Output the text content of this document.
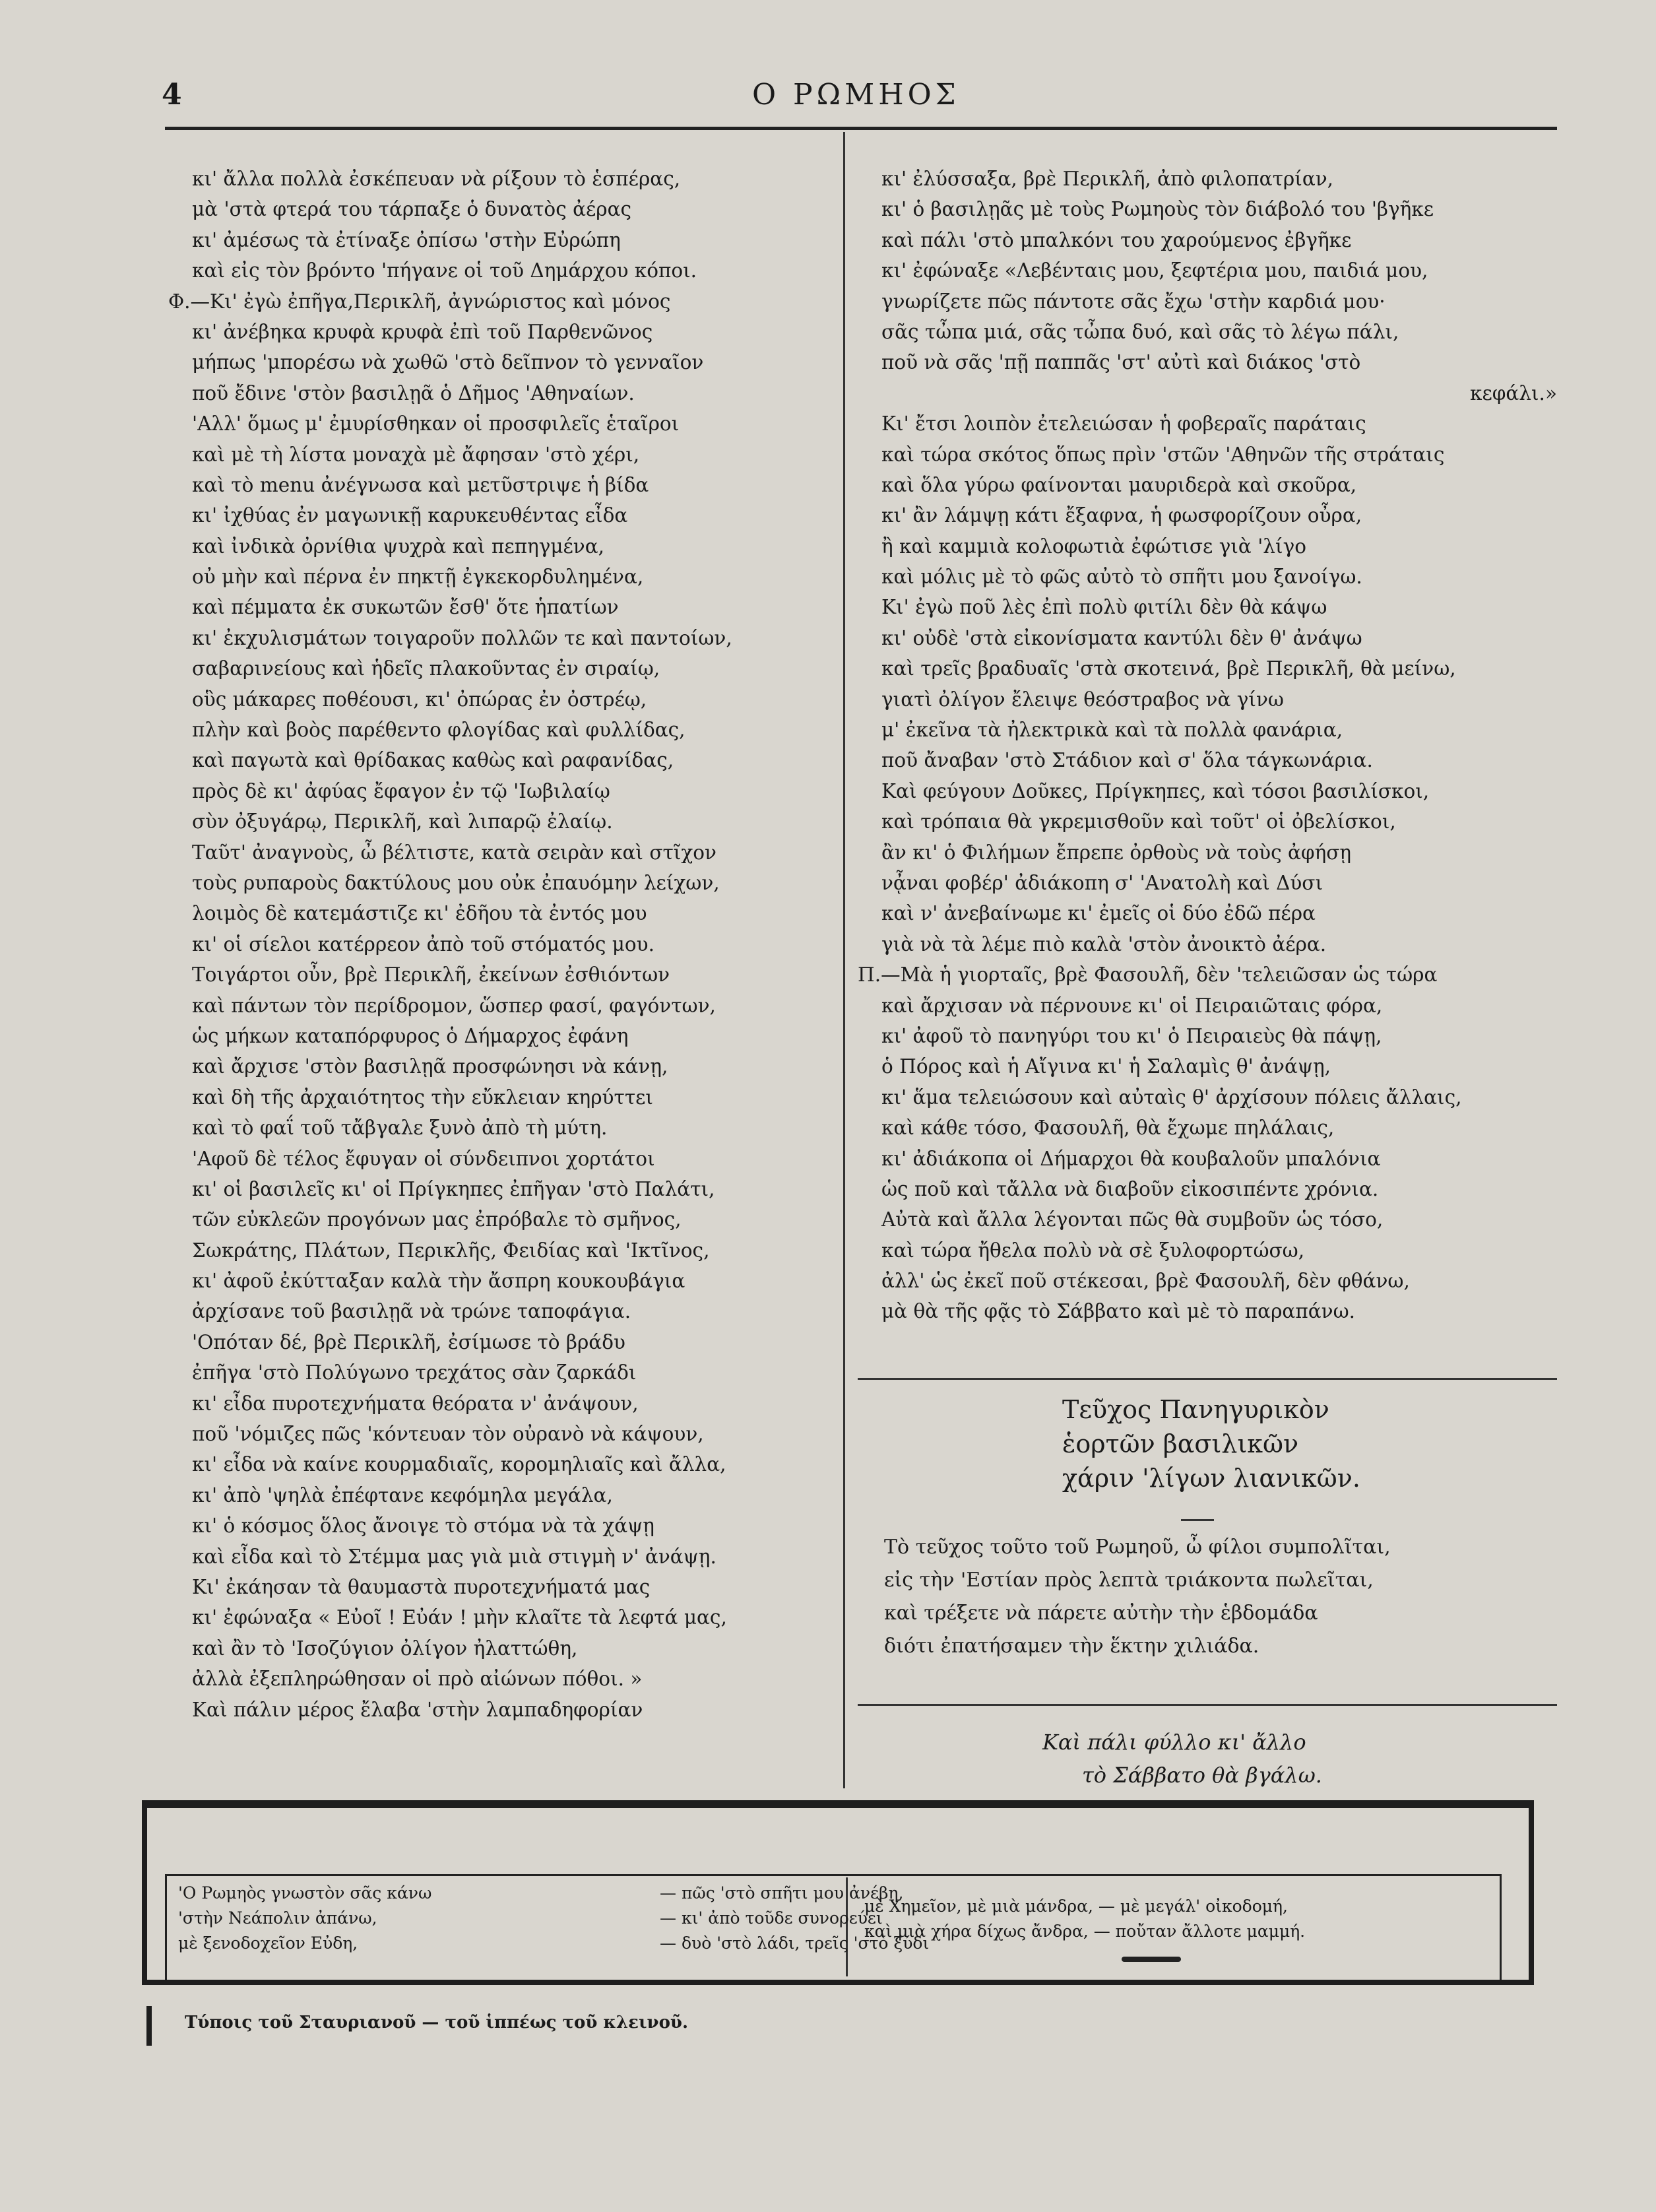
4	Ο ΡΩΜΗΟΣ
κι' ἄλλα πολλὰ ἐσκέπευαν νὰ ρίξουν τὸ ἑσπέρας,
μὰ 'στὰ φτερά του τάρπαξε ὁ δυνατὸς ἀέρας
κι' ἀμέσως τὰ ἐτίναξε ὀπίσω 'στὴν Εὐρώπη
καὶ εἰς τὸν βρόντο 'πήγανε οἱ τοῦ Δημάρχου κόποι.
Φ.—Κι' ἐγὼ ἐπῆγα,Περικλῆ, ἀγνώριστος καὶ μόνος
κι' ἀνέβηκα κρυφὰ κρυφὰ ἐπὶ τοῦ Παρθενῶνος
μήπως 'μπορέσω νὰ χωθῶ 'στὸ δεῖπνον τὸ γενναῖον
ποῦ ἔδινε 'στὸν βασιλῃᾶ ὁ Δῆμος 'Αθηναίων.
'Αλλ' ὅμως μ' ἐμυρίσθηκαν οἱ προσφιλεῖς ἑταῖροι
καὶ μὲ τὴ λίστα μοναχὰ μὲ ἄφησαν 'στὸ χέρι,
καὶ τὸ menu ἀνέγνωσα καὶ μετῦστριψε ἡ βίδα
κι' ἰχθύας ἐν μαγωνικῇ καρυκευθέντας εἶδα
καὶ ἰνδικὰ ὀρνίθια ψυχρὰ καὶ πεπηγμένα,
οὐ μὴν καὶ πέρνα ἐν πηκτῇ ἐγκεκορδυλημένα,
καὶ πέμματα ἐκ συκωτῶν ἔσθ' ὅτε ἡπατίων
κι' ἐκχυλισμάτων τοιγαροῦν πολλῶν τε καὶ παντοίων,
σαβαρινείους καὶ ἡδεῖς πλακοῦντας ἐν σιραίῳ,
οὓς μάκαρες ποθέουσι, κι' ὀπώρας ἐν ὀστρέῳ,
πλὴν καὶ βοὸς παρέθεντο φλογίδας καὶ φυλλίδας,
καὶ παγωτὰ καὶ θρίδακας καθὼς καὶ ραφανίδας,
πρὸς δὲ κι' ἀφύας ἔφαγον ἐν τῷ 'Ιωβιλαίῳ
σὺν ὀξυγάρῳ, Περικλῆ, καὶ λιπαρῷ ἐλαίῳ.
Ταῦτ' ἀναγνοὺς, ὦ βέλτιστε, κατὰ σειρὰν καὶ στῖχον
τοὺς ρυπαροὺς δακτύλους μου οὐκ ἐπαυόμην λείχων,
λοιμὸς δὲ κατεμάστιζε κι' ἐδῆου τὰ ἐντός μου
κι' οἱ σίελοι κατέρρεον ἀπὸ τοῦ στόματός μου.
Τοιγάρτοι οὖν, βρὲ Περικλῆ, ἐκείνων ἐσθιόντων
καὶ πάντων τὸν περίδρομον, ὥσπερ φασί, φαγόντων,
ὡς μήκων καταπόρφυρος ὁ Δήμαρχος ἐφάνη
καὶ ἄρχισε 'στὸν βασιλῃᾶ προσφώνησι νὰ κάνῃ,
καὶ δὴ τῆς ἀρχαιότητος τὴν εὔκλειαν κηρύττει
καὶ τὸ φαΐ τοῦ τἄβγαλε ξυνὸ ἀπὸ τὴ μύτη.
'Αφοῦ δὲ τέλος ἔφυγαν οἱ σύνδειπνοι χορτάτοι
κι' οἱ βασιλεῖς κι' οἱ Πρίγκηπες ἐπῆγαν 'στὸ Παλάτι,
τῶν εὐκλεῶν προγόνων μας ἐπρόβαλε τὸ σμῆνος,
Σωκράτης, Πλάτων, Περικλῆς, Φειδίας καὶ 'Ικτῖνος,
κι' ἀφοῦ ἐκύτταξαν καλὰ τὴν ἄσπρη κουκουβάγια
ἀρχίσανε τοῦ βασιλῃᾶ νὰ τρώνε ταποφάγια.
'Οπόταν δέ, βρὲ Περικλῆ, ἐσίμωσε τὸ βράδυ
ἐπῆγα 'στὸ Πολύγωνο τρεχάτος σὰν ζαρκάδι
κι' εἶδα πυροτεχνήματα θεόρατα ν' ἀνάψουν,
ποῦ 'νόμιζες πῶς 'κόντευαν τὸν οὐρανὸ νὰ κάψουν,
κι' εἶδα νὰ καίνε κουρμαδιαῖς, κορομηλιαῖς καὶ ἄλλα,
κι' ἀπὸ 'ψηλὰ ἐπέφτανε κεφόμηλα μεγάλα,
κι' ὁ κόσμος ὅλος ἄνοιγε τὸ στόμα νὰ τὰ χάψῃ
καὶ εἶδα καὶ τὸ Στέμμα μας γιὰ μιὰ στιγμὴ ν' ἀνάψῃ.
Κι' ἐκάησαν τὰ θαυμαστὰ πυροτεχνήματά μας
κι' ἐφώναξα « Εὐοῖ ! Εὐάν ! μὴν κλαῖτε τὰ λεφτά μας,
καὶ ἂν τὸ 'Ισοζύγιον ὀλίγον ἠλαττώθη,
ἀλλὰ ἐξεπληρώθησαν οἱ πρὸ αἰώνων πόθοι. »
Καὶ πάλιν μέρος ἔλαβα 'στὴν λαμπαδηφορίαν
κι' ἐλύσσαξα, βρὲ Περικλῆ, ἀπὸ φιλοπατρίαν,
κι' ὁ βασιλῃᾶς μὲ τοὺς Ρωμηοὺς τὸν διάβολό του 'βγῆκε
καὶ πάλι 'στὸ μπαλκόνι του χαρούμενος ἐβγῆκε
κι' ἐφώναξε «Λεβένταις μου, ξεφτέρια μου, παιδιά μου,
γνωρίζετε πῶς πάντοτε σᾶς ἔχω 'στὴν καρδιά μου·
σᾶς τὦπα μιά, σᾶς τὦπα δυό, καὶ σᾶς τὸ λέγω πάλι,
ποῦ νὰ σᾶς 'πῇ παππᾶς 'στ' αὐτὶ καὶ διάκος 'στὸ
κεφάλι.»
Κι' ἔτσι λοιπὸν ἐτελειώσαν ἡ φοβεραῖς παράταις
καὶ τώρα σκότος ὅπως πρὶν 'στῶν 'Αθηνῶν τῆς στράταις
καὶ ὅλα γύρω φαίνονται μαυριδερὰ καὶ σκοῦρα,
κι' ἂν λάμψῃ κάτι ἔξαφνα, ἡ φωσφορίζουν οὖρα,
ἢ καὶ καμμιὰ κολοφωτιὰ ἐφώτισε γιὰ 'λίγο
καὶ μόλις μὲ τὸ φῶς αὐτὸ τὸ σπῆτι μου ξανοίγω.
Κι' ἐγὼ ποῦ λὲς ἐπὶ πολὺ φιτίλι δὲν θὰ κάψω
κι' οὐδὲ 'στὰ εἰκονίσματα καντύλι δὲν θ' ἀνάψω
καὶ τρεῖς βραδυαῖς 'στὰ σκοτεινά, βρὲ Περικλῆ, θὰ μείνω,
γιατὶ ὀλίγον ἔλειψε θεόστραβος νὰ γίνω
μ' ἐκεῖνα τὰ ἠλεκτρικὰ καὶ τὰ πολλὰ φανάρια,
ποῦ ἄναβαν 'στὸ Στάδιον καὶ σ' ὅλα τάγκωνάρια.
Καὶ φεύγουν Δοῦκες, Πρίγκηπες, καὶ τόσοι βασιλίσκοι,
καὶ τρόπαια θὰ γκρεμισθοῦν καὶ τοῦτ' οἱ ὀβελίσκοι,
ἂν κι' ὁ Φιλήμων ἔπρεπε ὀρθοὺς νὰ τοὺς ἀφήσῃ
νᾆναι φοβέρ' ἀδιάκοπη σ' 'Ανατολὴ καὶ Δύσι
καὶ ν' ἀνεβαίνωμε κι' ἐμεῖς οἱ δύο ἐδῶ πέρα
γιὰ νὰ τὰ λέμε πιὸ καλὰ 'στὸν ἀνοικτὸ ἀέρα.
Π.—Μὰ ἡ γιορταῖς, βρὲ Φασουλῆ, δὲν 'τελειῶσαν ὡς τώρα
καὶ ἄρχισαν νὰ πέρνουνε κι' οἱ Πειραιῶταις φόρα,
κι' ἀφοῦ τὸ πανηγύρι του κι' ὁ Πειραιεὺς θὰ πάψῃ,
ὁ Πόρος καὶ ἡ Αἴγινα κι' ἡ Σαλαμὶς θ' ἀνάψῃ,
κι' ἅμα τελειώσουν καὶ αὐταὶς θ' ἀρχίσουν πόλεις ἄλλαις,
καὶ κάθε τόσο, Φασουλῆ, θὰ ἔχωμε πηλάλαις,
κι' ἀδιάκοπα οἱ Δήμαρχοι θὰ κουβαλοῦν μπαλόνια
ὡς ποῦ καὶ τἄλλα νὰ διαβοῦν εἰκοσιπέντε χρόνια.
Αὐτὰ καὶ ἄλλα λέγονται πῶς θὰ συμβοῦν ὡς τόσο,
καὶ τώρα ἤθελα πολὺ νὰ σὲ ξυλοφορτώσω,
ἀλλ' ὡς ἐκεῖ ποῦ στέκεσαι, βρὲ Φασουλῆ, δὲν φθάνω,
μὰ θὰ τῆς φᾷς τὸ Σάββατο καὶ μὲ τὸ παραπάνω.
Τεῦχος Πανηγυρικὸν
ἑορτῶν βασιλικῶν
χάριν 'λίγων λιανικῶν.
Τὸ τεῦχος τοῦτο τοῦ Ρωμηοῦ, ὦ φίλοι συμπολῖται,
εἰς τὴν 'Εστίαν πρὸς λεπτὰ τριάκοντα πωλεῖται,
καὶ τρέξετε νὰ πάρετε αὐτὴν τὴν ἑβδομάδα
διότι ἐπατήσαμεν τὴν ἕκτην χιλιάδα.
Καὶ πάλι φύλλο κι' ἄλλο
τὸ Σάββατο θὰ βγάλω.
'Ο Ρωμηὸς γνωστὸν σᾶς κάνω
'στὴν Νεάπολιν ἀπάνω,
μὲ ξενοδοχεῖον Εὐδη,
— πῶς 'στὸ σπῆτι μου ἀνέβη,
— κι' ἀπὸ τοῦδε συνορεύει
— δυὸ 'στὸ λάδι, τρεῖς 'στὸ ξύδι
μὲ Χημεῖον, μὲ μιὰ μάνδρα, — μὲ μεγάλ' οἰκοδομή,
καὶ μιὰ χήρα δίχως ἄνδρα, — ποὔταν ἄλλοτε μαμμή.
Τύποις τοῦ Σταυριανοῦ — τοῦ ἱππέως τοῦ κλεινοῦ.
